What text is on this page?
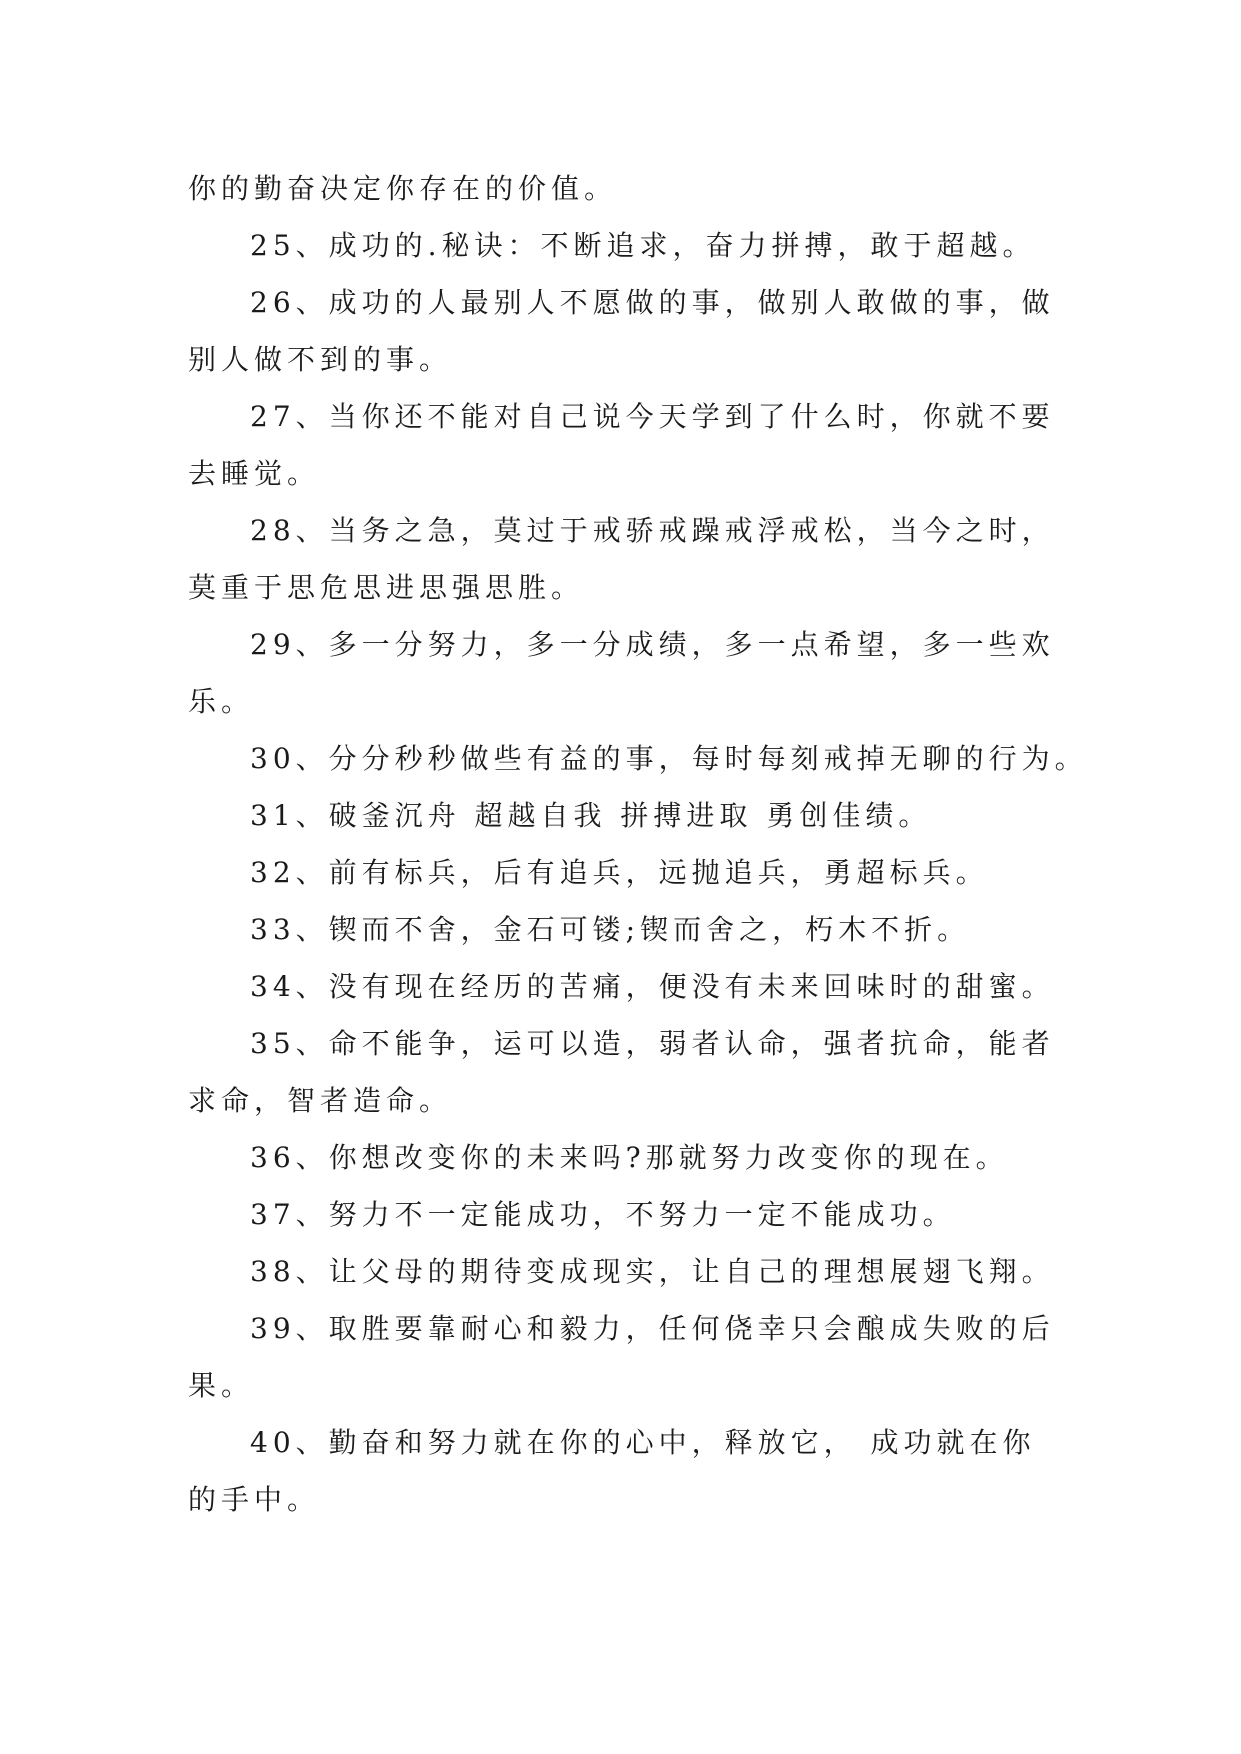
你的勤奋决定你存在的价值。
25、成功的.秘诀：不断追求，奋力拼搏，敢于超越。
26、成功的人最别人不愿做的事，做别人敢做的事，做
别人做不到的事。
27、当你还不能对自己说今天学到了什么时，你就不要
去睡觉。
28、当务之急，莫过于戒骄戒躁戒浮戒松，当今之时，
莫重于思危思进思强思胜。
29、多一分努力，多一分成绩，多一点希望，多一些欢
乐。
30、分分秒秒做些有益的事，每时每刻戒掉无聊的行为。
31、破釜沉舟 超越自我 拼搏进取 勇创佳绩。
32、前有标兵，后有追兵，远抛追兵，勇超标兵。
33、锲而不舍，金石可镂;锲而舍之，朽木不折。
34、没有现在经历的苦痛，便没有未来回味时的甜蜜。
35、命不能争，运可以造，弱者认命，强者抗命，能者
求命，智者造命。
36、你想改变你的未来吗?那就努力改变你的现在。
37、努力不一定能成功，不努力一定不能成功。
38、让父母的期待变成现实，让自己的理想展翅飞翔。
39、取胜要靠耐心和毅力，任何侥幸只会酿成失败的后
果。
40、勤奋和努力就在你的心中，释放它， 成功就在你
的手中。
